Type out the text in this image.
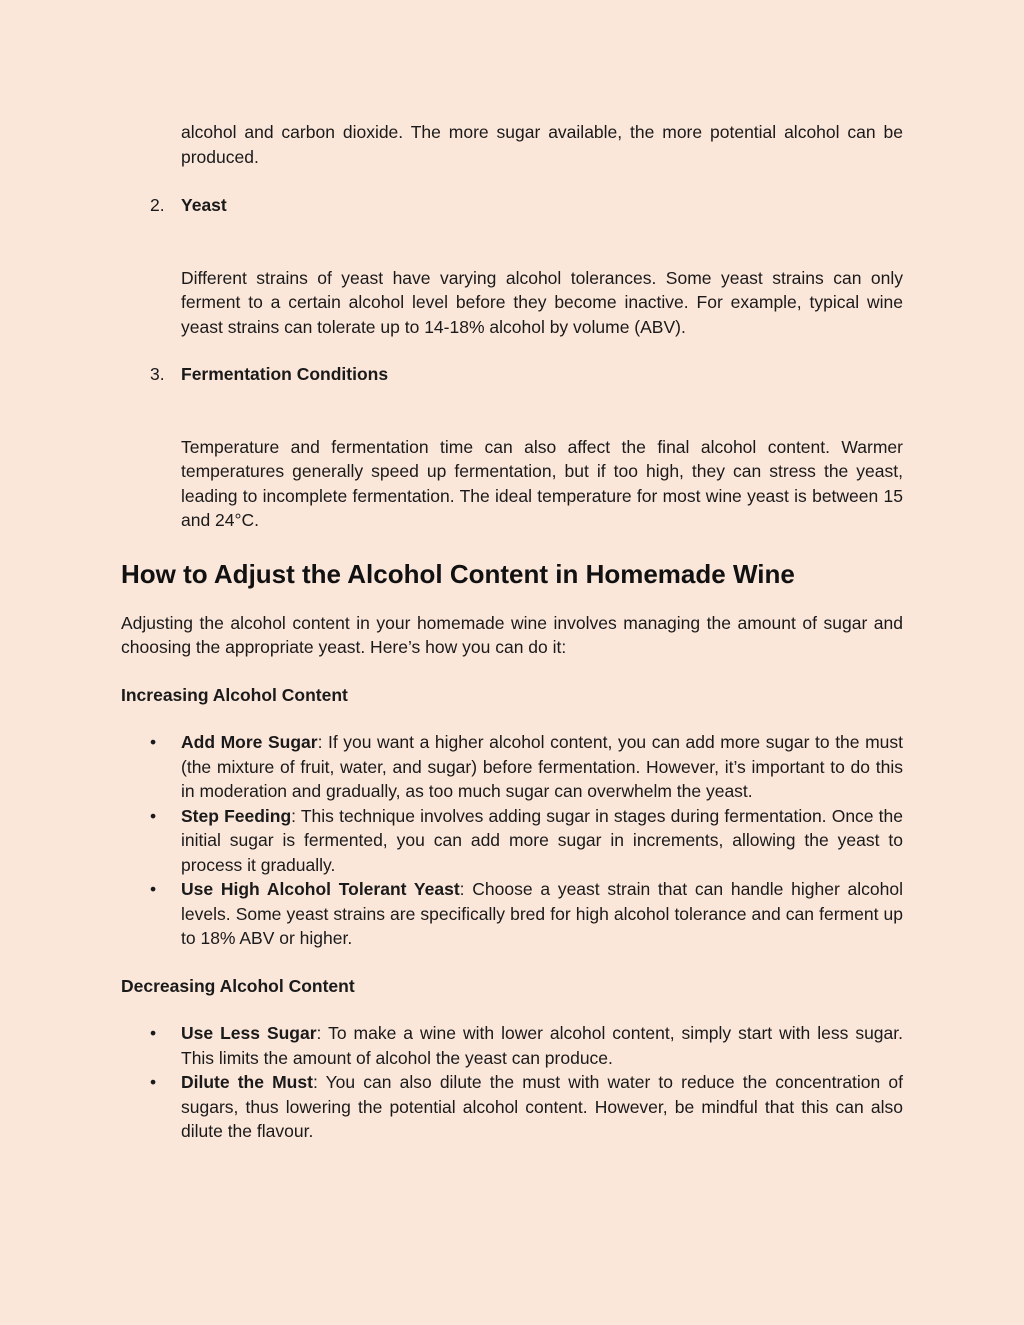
alcohol and carbon dioxide. The more sugar available, the more potential alcohol can be produced.

2. Yeast

Different strains of yeast have varying alcohol tolerances. Some yeast strains can only ferment to a certain alcohol level before they become inactive. For example, typical wine yeast strains can tolerate up to 14-18% alcohol by volume (ABV).

3. Fermentation Conditions

Temperature and fermentation time can also affect the final alcohol content. Warmer temperatures generally speed up fermentation, but if too high, they can stress the yeast, leading to incomplete fermentation. The ideal temperature for most wine yeast is between 15 and 24°C.

How to Adjust the Alcohol Content in Homemade Wine

Adjusting the alcohol content in your homemade wine involves managing the amount of sugar and choosing the appropriate yeast. Here’s how you can do it:

Increasing Alcohol Content
• Add More Sugar: If you want a higher alcohol content, you can add more sugar to the must (the mixture of fruit, water, and sugar) before fermentation. However, it’s important to do this in moderation and gradually, as too much sugar can overwhelm the yeast.
• Step Feeding: This technique involves adding sugar in stages during fermentation. Once the initial sugar is fermented, you can add more sugar in increments, allowing the yeast to process it gradually.
• Use High Alcohol Tolerant Yeast: Choose a yeast strain that can handle higher alcohol levels. Some yeast strains are specifically bred for high alcohol tolerance and can ferment up to 18% ABV or higher.
Decreasing Alcohol Content
• Use Less Sugar: To make a wine with lower alcohol content, simply start with less sugar. This limits the amount of alcohol the yeast can produce.
• Dilute the Must: You can also dilute the must with water to reduce the concentration of sugars, thus lowering the potential alcohol content. However, be mindful that this can also dilute the flavour.
